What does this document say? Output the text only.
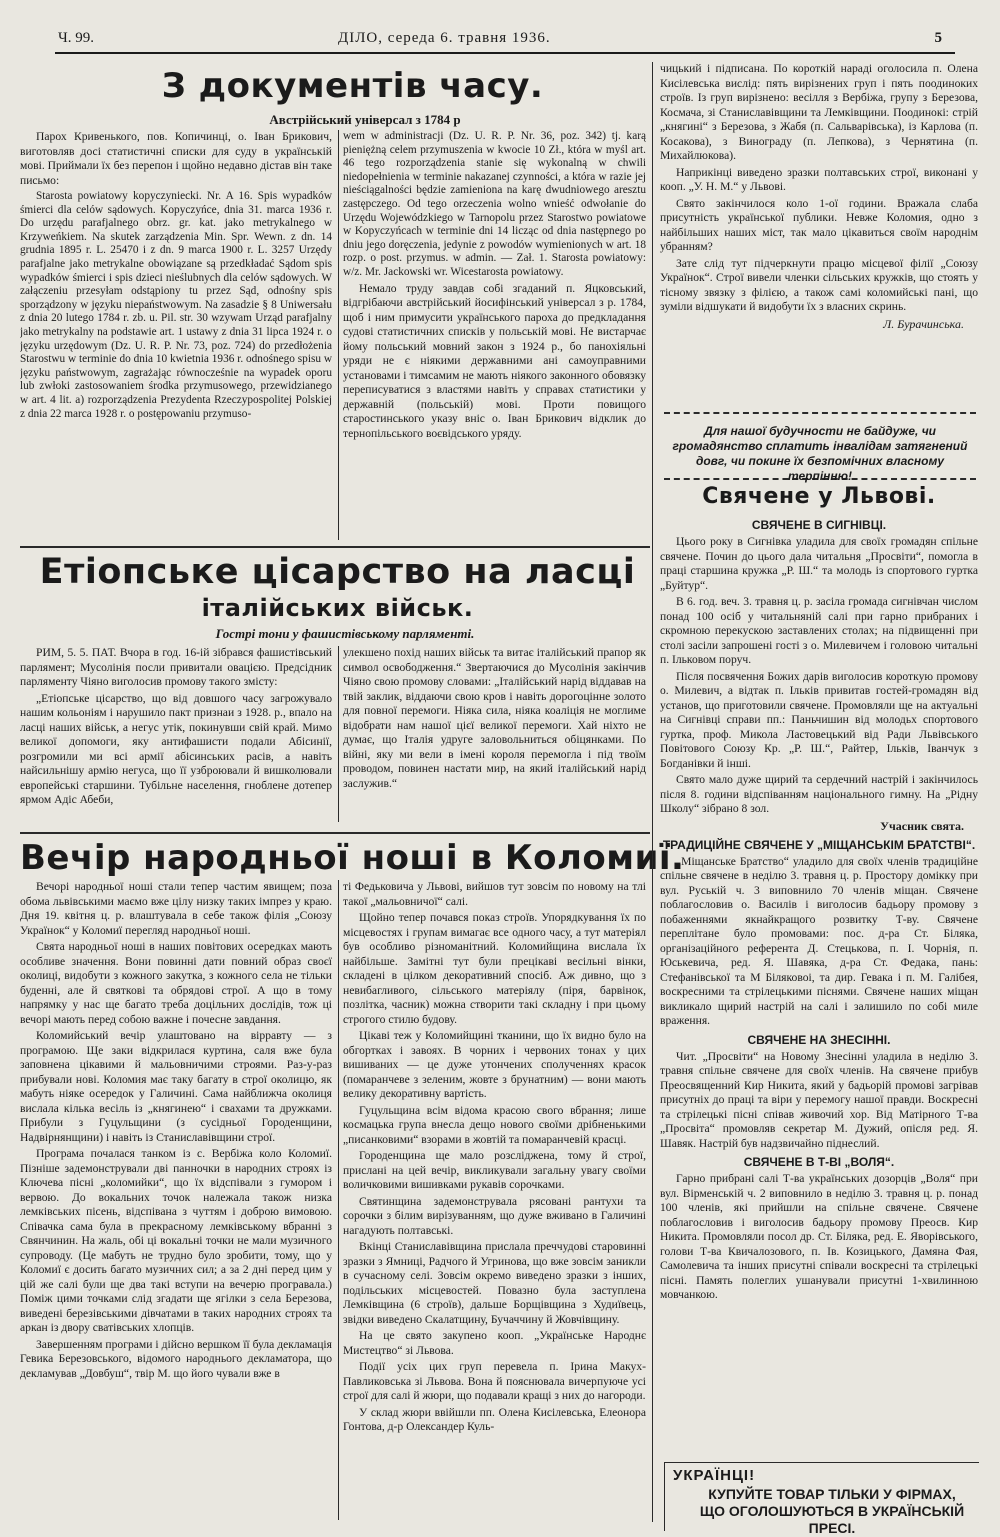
Ч. 99.	ДІЛО, середа 6. травня 1936.	5
З документів часу.
Австрійський універсал з 1784 р

Парох Кривенького, пов. Копичинці, о. Іван Брикович, виготовляв досі статистичні списки для суду в українській мові. Приймали їх без перепон і щойно недавно дістав він таке письмо:

Starosta powiatowy kopyczyniecki. Nr. A 16. Spis wypadków śmierci dla celów sądowych. Kopyczyńce, dnia 31. marca 1936 r. Do urzędu parafjalnego obrz. gr. kat. jako metrykalnego w Krzyweńkiem. Na skutek zarządzenia Min. Spr. Wewn. z dn. 14 grudnia 1895 r. L. 25470 i z dn. 9 marca 1900 r. L. 3257 Urzędy parafjalne jako metrykalne obowiązane są przedkładać Sądom spis wypadków śmierci i spis dzieci nieślubnych dla celów sądowych. W załączeniu przesyłam odstąpiony tu przez Sąd, odnośny spis sporządzony w języku niepaństwowym. Na zasadzie § 8 Uniwersału z dnia 20 lutego 1784 r. zb. u. Pil. str. 30 wzywam Urząd parafjalny jako metrykalny na podstawie art. 1 ustawy z dnia 31 lipca 1924 r. o języku urzędowym (Dz. U. R. P. Nr. 73, poz. 724) do przedłożenia Starostwu w terminie do dnia 10 kwietnia 1936 r. odnośnego spisu w języku państwowym, zagrażając równocześnie na wypadek oporu lub zwłoki zastosowaniem środka przymusowego, przewidzianego w art. 4 lit. a) rozporządzenia Prezydenta Rzeczypospolitej Polskiej z dnia 22 marca 1928 r. o postępowaniu przymuso-

wem w administracji (Dz. U. R. P. Nr. 36, poz. 342) tj. karą pieniężną celem przymuszenia w kwocie 10 Zł., która w myśl art. 46 tego rozporządzenia stanie się wykonalną w chwili niedopełnienia w terminie nakazanej czynności, a która w razie jej nieściągalności będzie zamieniona na karę dwudniowego aresztu zastępczego. Od tego orzeczenia wolno wnieść odwołanie do Urzędu Wojewódzkiego w Tarnopolu przez Starostwo powiatowe w Kopyczyńcach w terminie dni 14 licząc od dnia następnego po dniu jego doręczenia, jedynie z powodów wymienionych w art. 18 rozp. o post. przymus. w admin. — Zał. 1. Starosta powiatowy: w/z. Mr. Jackowski wr. Wicestarosta powiatowy.

Немало труду завдав собі згаданий п. Яцковський, відгрібаючи австрійський йосифінський універсал з р. 1784, щоб і ним примусити українського пароха до предкладання судові статистичних списків у польській мові. Не вистарчає йому польський мовний закон з 1924 р., бо панохіяльні уряди не є ніякими державними ані самоуправними установами і тимсамим не мають ніякого законного обовязку переписуватися з властями навіть у справах статистики у державній (польській) мові. Проти повищого староcтинського указу вніс о. Іван Брикович відклик до тернопільського воєвідського уряду.

Етіопське цісарство на ласці
італійських військ.
Гострі тони у фашистівському парляменті.

РИМ, 5. 5. ПАТ. Вчора в год. 16-ій зібрався фашистівський парлямент; Мусолінія посли привитали овацією. Предсідник парляменту Чіяно виголосив промову такого змісту:

„Етіопське цісарство, що від довшого часу загрожувало нашим кольоніям і нарушило пакт признаи з 1928. р., впало на ласці наших військ, а негус утік, покинувши свій край. Мимо великої допомоги, яку антифашисти подали Абісинії, розгромили ми всі армії абісинських расів, а навіть найсильнішу армію негуса, що її узброювали й вишколювали европейські старшини. Тубільне населення, гноблене дотепер ярмом Адіс Абеби,

улекшено похід наших військ та витає італійський прапор як символ освободження.“ Звертаючися до Мусолінія закінчив Чіяно свою промову словами: „Італійський нарід віддавав на твій заклик, віддаючи свою кров і навіть дорогоцінне золото для повної перемоги. Ніяка сила, ніяка коаліція не моглиме відобрати нам нашої цієї великої перемоги. Хай ніхто не думає, що Італія удруге заловольниться обіцянками. По війні, яку ми вели в імені короля перемогла і під твоїм проводом, повинен настати мир, на який італійський нарід заслужив.“

Вечір народньої ноші в Коломиї.

Вечорі народньої ноші стали тепер частим явищем; поза обома львівськими маємо вже цілу низку таких імпрез у краю. Дня 19. квітня ц. р. влаштувала в себе також філія „Союзу Українок“ у Коломиї перегляд народньої ноші.

Свята народньої ноші в наших повітових осередках мають особливе значення. Вони повинні дати повний образ своєї околиці, видобути з кожного закутка, з кожного села не тільки буденні, але й святкові та обрядові строї. А що в тому напрямку у нас ще багато треба доцільних дослідів, тож ці вечорі мають перед собою важне і почесне завдання.

Коломийський вечір улаштовано на вірравту — з програмою. Ще заки відкрилася куртина, саля вже була заповнена цікавими й мальовничими строями. Раз-у-раз прибували нові. Коломия має таку багату в строї околицю, як мабуть ніяке осередок у Галичині. Сама найближча околиця виcлала кілька весіль із „княгинею“ і свахами та дружками. Прибули з Гуцульщини (з сусідньої Городенщини, Надвірнянщини) і навіть із Станиславівщини строї.

Програма почалася танком із с. Вербіжа коло Коломиї. Пізніше задемонстрували дві панночки в народних строях із Ключева пісні „коломийки“, що їх відспівали з гумором і вервою. До вокальних точок належала також низка лемківських пісень, відспівана з чуттям і доброю вимовою. Співачка сама була в прекрасному лемківському вбранні з Свянчинин. На жаль, обі ці вокальні точки не мали музичного супроводу. (Це мабуть не трудно було зробити, тому, що у Коломиї є досить багато музичних сил; а за 2 дні перед цим у цій же салі були ще два такі вступи на вечерю програвала.) Поміж цими точками слід згадати ще ягілки з села Березова, виведені березівськими дівчатами в таких народних строях та аркан із двору сватівських хлопців.

Завершенням програми і дійсно вершком її була декламація Гевика Березовського, відомого народнього декламатора, що декламував „Довбуш“, твір М. що його чували вже в

ті Федьковича у Львові, вийшов тут зовсім по новому на тлі такої „мальовничої“ салі.

Щойно тепер почався показ строїв. Упорядкування їх по місцевостях і групам вимагає все одного часу, а тут матеріял був особливо різноманітний. Коломийщина вислала їх найбільше. Замітні тут були прецікаві весільні вінки, складені в цілком декоративний спосіб. Аж дивно, що з невибагливого, сільського матеріялу (піря, барвінок, позлітка, часник) можна створити такі складну і при цьому строгого стилю будову.

Цікаві теж у Коломийщині тканини, що їх видно було на обгортках і завоях. В чорних і червоних тонах у цих вишиваних — це дуже утончених сполученнях красок (помаранчеве з зеленим, жовте з брунатним) — вони мають велику декоративну вартість.

Гуцульщина всім відома красою свого вбрання; лише космацька група внесла дещо нового своїми дрібненькими „писанковими“ взорами в жовтій та помаранчевій красці.

Городенщина ще мало розсліджена, тому й строї, прислані на цей вечір, викликували загальну увагу своїми воличковими вишивками рукавів сорочками.

Святинщина задемонструвала рясовані рантухи та сорочки з білим вирізуванням, що дуже вживано в Галичині нагадують полтавські.

Вкінці Станиславівщина прислала преччудові старовинні зразки з Ямниці, Радчого й Угринова, що вже зовсім заникли в сучасному селі. Зовсім окремо виведено зразки з інших, подільських місцевостей. Повазно була заступлена Лемківщина (6 строїв), дальше Борщівщина з Худиївець, звідки виведено Скалатщину, Бучаччину й Жовчівщину.

На це свято закупено кооп. „Українське Народнє Мистецтво“ зі Львова.

Події усіх цих груп перевела п. Ірина Макух-Павликовська зі Львова. Вона й пояснювала вичерпуюче усі строї для салі й жюри, що подавали кращі з них до нагороди.

У склад жюри ввійшли пп. Олена Кисілевська, Елеонора Гонтова, д-р Олександер Куль-

чицький і підписана. По короткій нараді оголосила п. Олена Кисілевська вислід: пять вирізнених груп і пять поодиноких строїв. Із груп вирізнено: весілля з Вербіжа, групу з Березова, Космача, зі Станиславівщини та Лемківщини. Поодинокі: стрій „княгині“ з Березова, з Жабя (п. Сальварівська), із Карлова (п. Косакова), з Виноградy (п. Лепкова), з Чернятина (п. Михайлюкова).

Наприкінці виведено зразки полтавських строї, виконані у кооп. „У. Н. М.“ у Львові.

Свято закінчилося коло 1-ої години. Вражала слаба присутність української публики. Невже Коломия, одно з найбільших наших міст, так мало цікавиться своїм народнім убранням?

Зате слід тут підчеркнути працю місцевої філії „Союзу Українок“. Строї вивели членки сільських кружків, що стоять у тісному звязку з філією, а також самі коломийські пані, що зуміли відшукати й видобути їх з власних скринь.

Л. Бурачинська.
Для нашої будучности не байдуже, чи громадянство сплатить інвалідам затягнений довг, чи покине їх безпомічних власному терпінню!
Свячене у Львові.
СВЯЧЕНЕ В СИГНІВЦІ.

Цього року в Сигнівка уладила для своїх громадян спільне свячене. Почин до цього дала читальня „Просвіти“, помогла в праці старшина кружка „Р. Ш.“ та молодь із спортового гуртка „Буйтур“.

В 6. год. веч. 3. травня ц. р. засіла громада сигнівчан числом понад 100 осіб у читальняній салі при гарно прибраних і скромною перекускою заставлених столах; на підвищенні при столі засіли запрошені гості з о. Милевичем і головою читальні п. Ільковом поруч.

Після посвячення Божих дарів виголосив короткую промову о. Милевич, а відтак п. Ільків привитав гостей-громадян від установ, що приготовили свячене. Промовляли ще на актуальні на Сигнівці справи пп.: Паньчишин від молодьх спортового гуртка, проф. Микола Ластовецький від Ради Львівського Повітового Союзу Кр. „Р. Ш.“, Райтер, Ільків, Іванчук з Богданівки й інші.

Свято мало дуже щирий та сердечний настрій і закінчилось після 8. години відспіванням національного гимну. На „Рідну Школу“ зібрано 8 зол.

Учасник свята.
ТРАДИЦІЙНЕ СВЯЧЕНЕ У „МІЩАНСЬКІМ БРАТСТВІ“.

„Міщанське Братство“ уладило для своїх членів традиційне спільне свячене в неділю 3. травня ц. р. Просторy доміккy при вул. Руській ч. 3 виповнило 70 членів міщан. Свячене поблагословив о. Василів і виголосив бадьору промову з побаженнями якнайкращого розвитку Т-ву. Свячене переплітане було промовами: пос. д-ра Ст. Біляка, організаційного референта Д. Стецькова, п. І. Чорнія, п. Юськевича, ред. Я. Шавяка, д-ра Ст. Федака, пань: Стефанівської та М Біляковоі, та дир. Гевака і п. М. Галібея, воскресними та стрілецькими піснями. Свячене наших міщан викликало щирий настрій на салі і залишило по собі миле враження.

СВЯЧЕНЕ НА ЗНЕСІННІ.

Чит. „Просвіти“ на Новому Знесінні уладила в неділю 3. травня спільне свячене для своїх членів. На свячене прибув Преосвященний Кир Никита, який у бадьорій промові загрівав присутніх до праці та віри у перемогу нашої правди. Воскресні та стрілецькі пісні співав живочий хор. Від Матірного Т-ва „Просвіта“ промовляв секретар М. Дужий, опісля ред. Я. Шавяк. Настрій був надзвичайно піднеслий.

СВЯЧЕНЕ В Т-ВІ „ВОЛЯ“.

Гарно прибрані салі Т-ва українських дозорців „Воля“ при вул. Вірменській ч. 2 виповнило в неділю 3. травня ц. р. понад 100 членів, які прийшли на спільне свячене. Свячене поблагословив і виголосив бадьору промову Преосв. Кир Никита. Промовляли посол др. Ст. Біляка, ред. Е. Яворівського, голови Т-ва Квичалозового, п. Ів. Козицького, Дамяна Фая, Самолевича та інших присутні співали воскресні та стрілецькі пісні. Память полеглих ушанували присутні 1-хвилинною мовчанкою.

УКРАЇНЦІ!
КУПУЙТЕ ТОВАР ТІЛЬКИ У ФІРМАХ, ЩО ОГОЛОШУЮТЬСЯ В УКРАЇНСЬКІЙ ПРЕСІ.
